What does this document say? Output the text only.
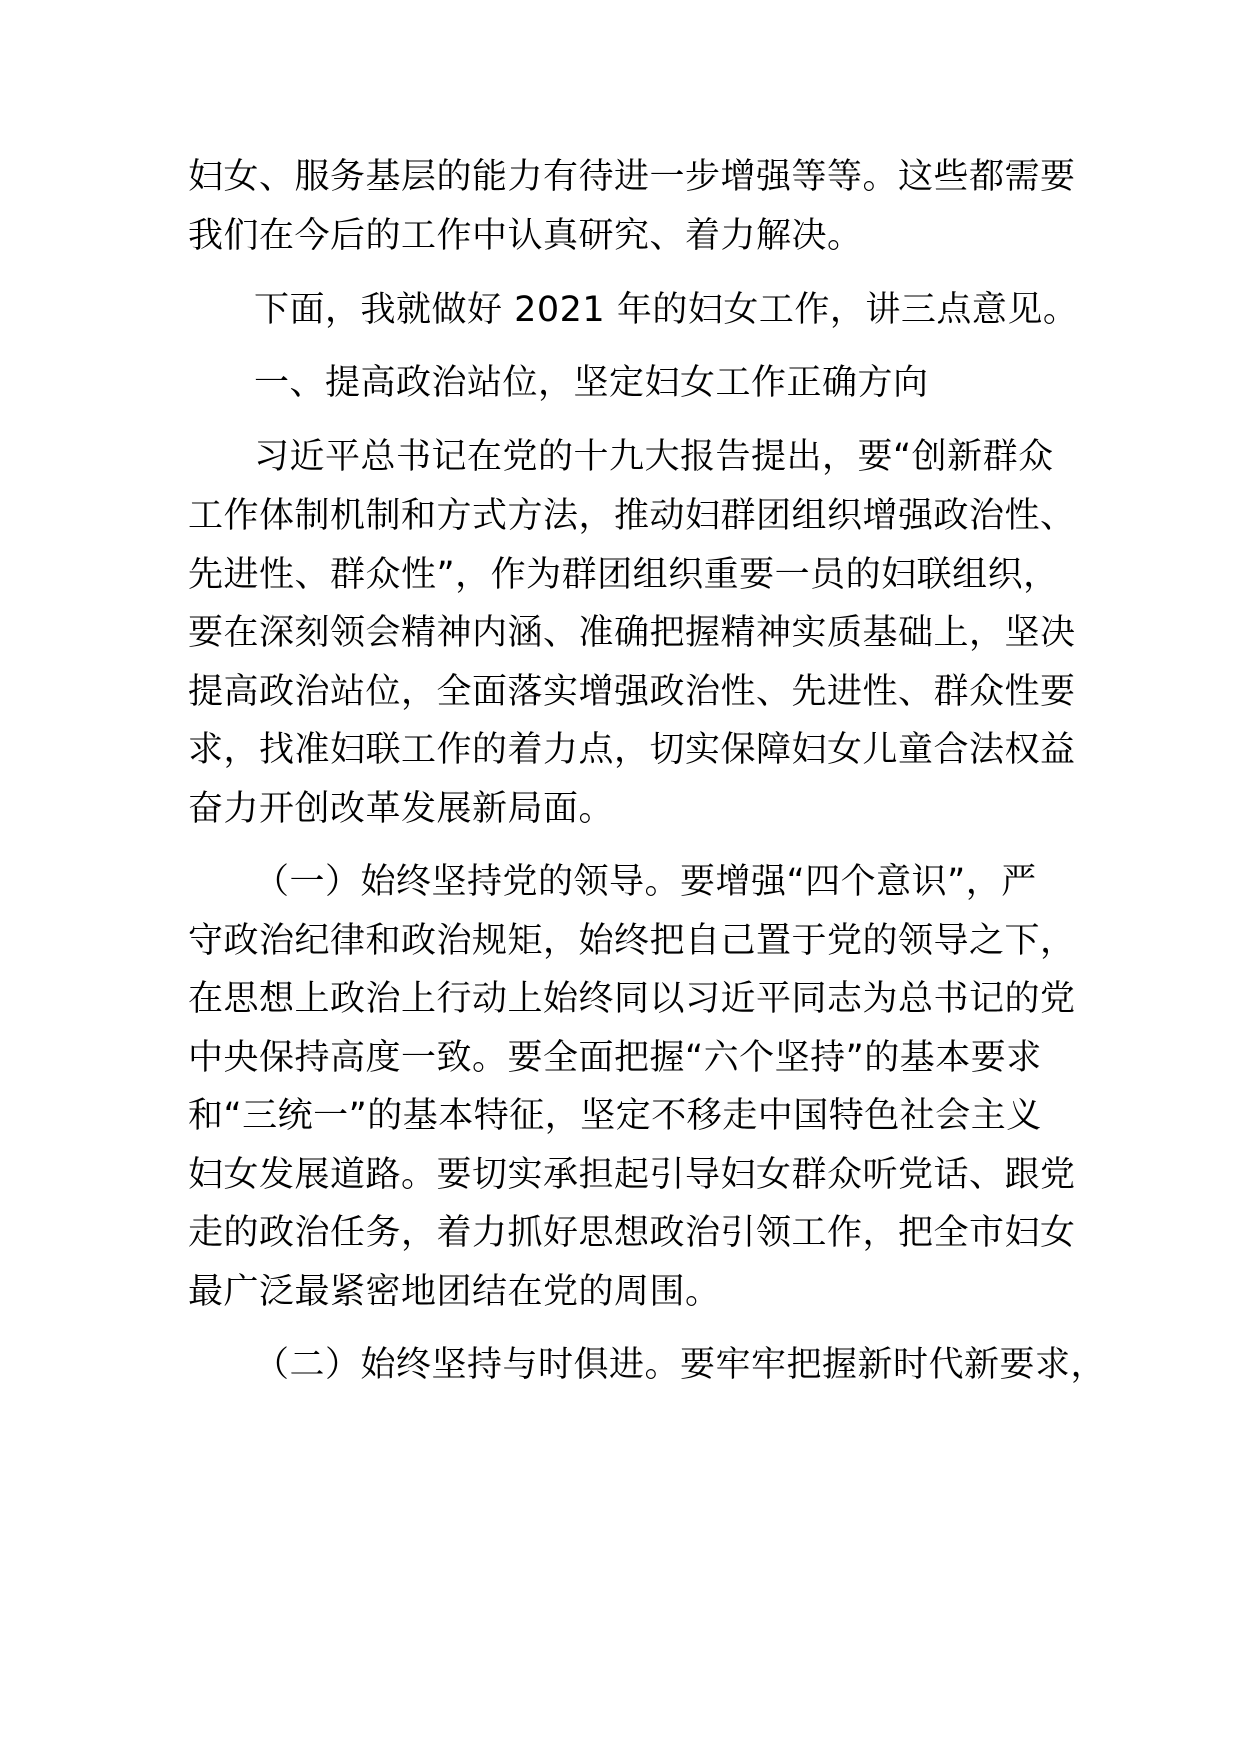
妇女、服务基层的能力有待进一步增强等等。这些都需要
我们在今后的工作中认真研究、着力解决。
下面，我就做好 2021 年的妇女工作，讲三点意见。
一、提高政治站位，坚定妇女工作正确方向
习近平总书记在党的十九大报告提出，要“创新群众
工作体制机制和方式方法，推动妇群团组织增强政治性、
先进性、群众性”，作为群团组织重要一员的妇联组织，
要在深刻领会精神内涵、准确把握精神实质基础上，坚决
提高政治站位，全面落实增强政治性、先进性、群众性要
求，找准妇联工作的着力点，切实保障妇女儿童合法权益
奋力开创改革发展新局面。
（一）始终坚持党的领导。要增强“四个意识”，严
守政治纪律和政治规矩，始终把自己置于党的领导之下，
在思想上政治上行动上始终同以习近平同志为总书记的党
中央保持高度一致。要全面把握“六个坚持”的基本要求
和“三统一”的基本特征，坚定不移走中国特色社会主义
妇女发展道路。要切实承担起引导妇女群众听党话、跟党
走的政治任务，着力抓好思想政治引领工作，把全市妇女
最广泛最紧密地团结在党的周围。
（二）始终坚持与时俱进。要牢牢把握新时代新要求，
